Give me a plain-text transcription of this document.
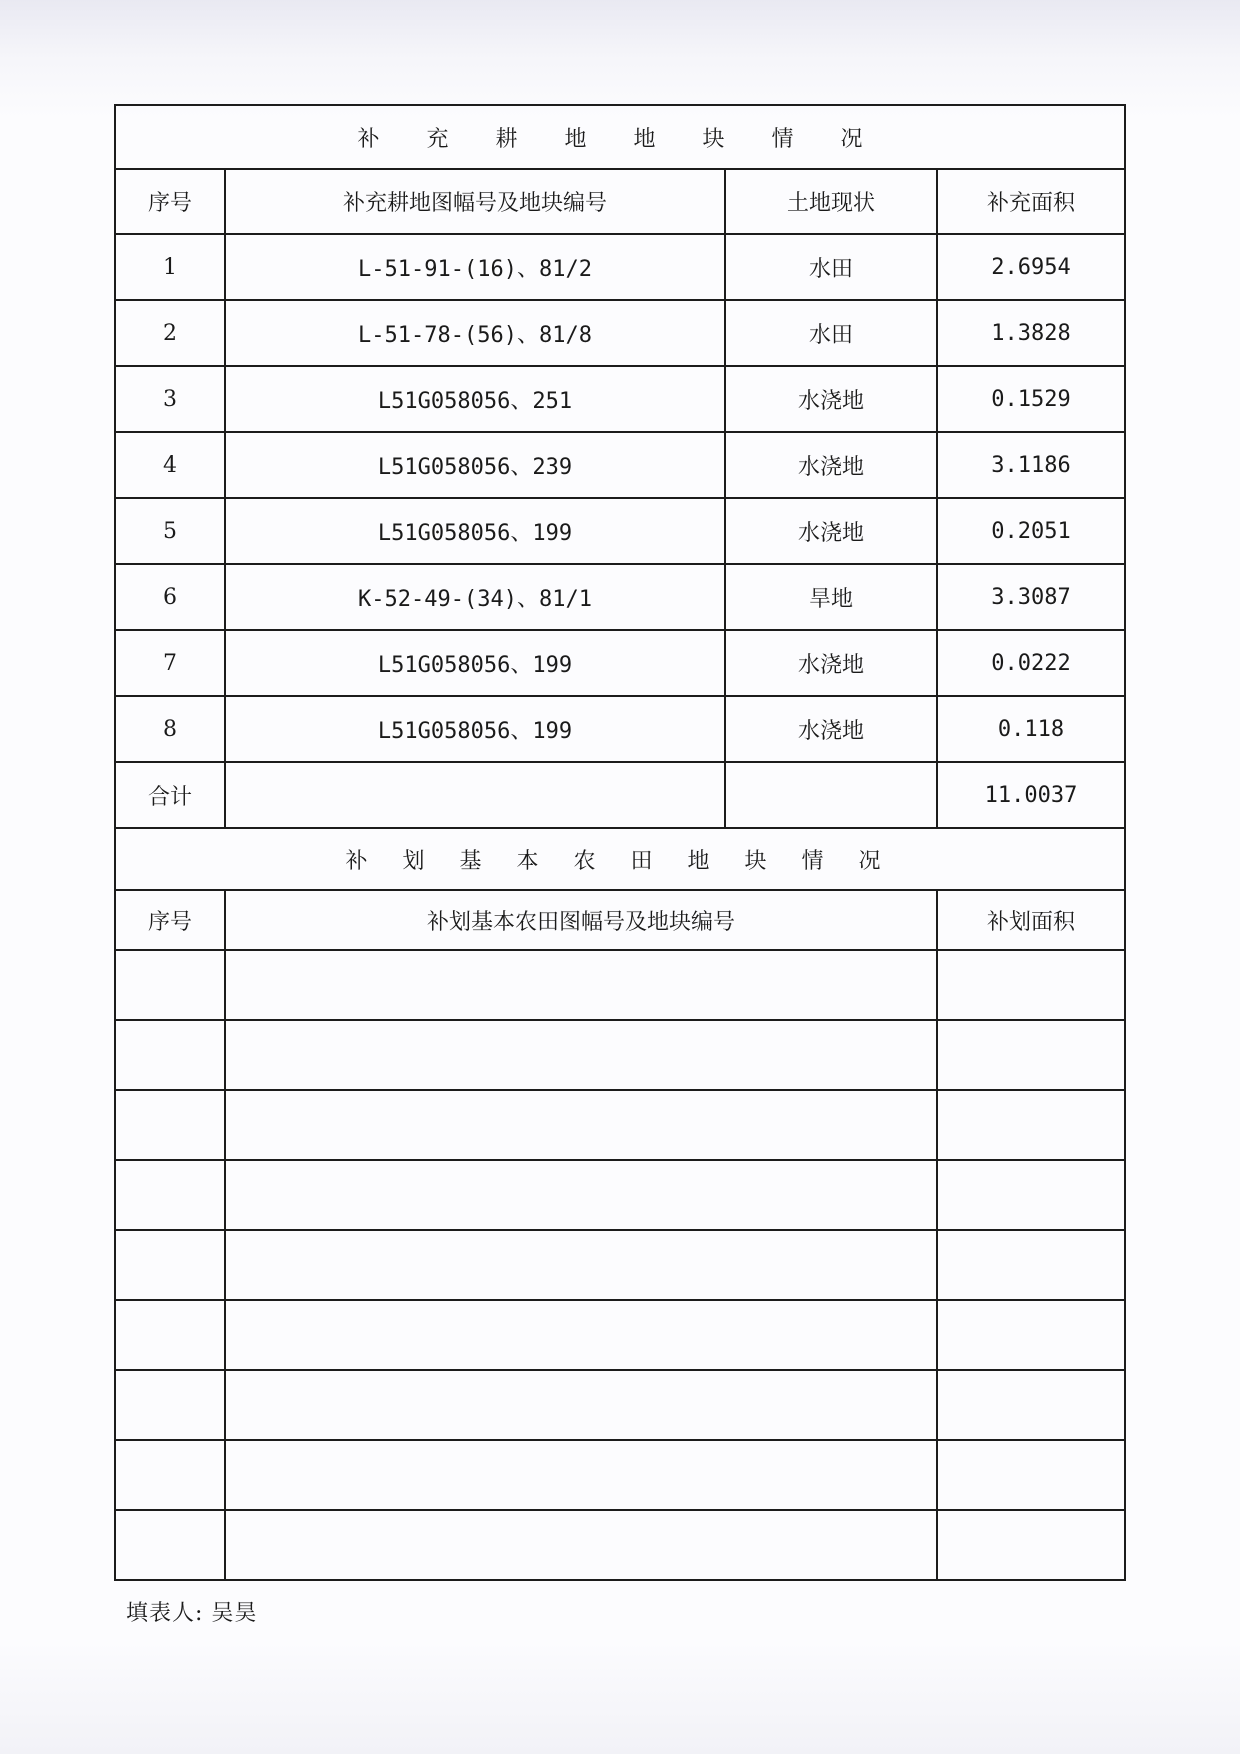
补 充 耕 地 地 块 情 况			
序号	补充耕地图幅号及地块编号	土地现状	补充面积
1	L-51-91-(16)、81/2	水田	2.6954
2	L-51-78-(56)、81/8	水田	1.3828
3	L51G058056、251	水浇地	0.1529
4	L51G058056、239	水浇地	3.1186
5	L51G058056、199	水浇地	0.2051
6	K-52-49-(34)、81/1	旱地	3.3087
7	L51G058056、199	水浇地	0.0222
8	L51G058056、199	水浇地	0.118
合计			11.0037
补 划 基 本 农 田 地 块 情 况			
序号	补划基本农田图幅号及地块编号		补划面积

填表人: 吴昊
